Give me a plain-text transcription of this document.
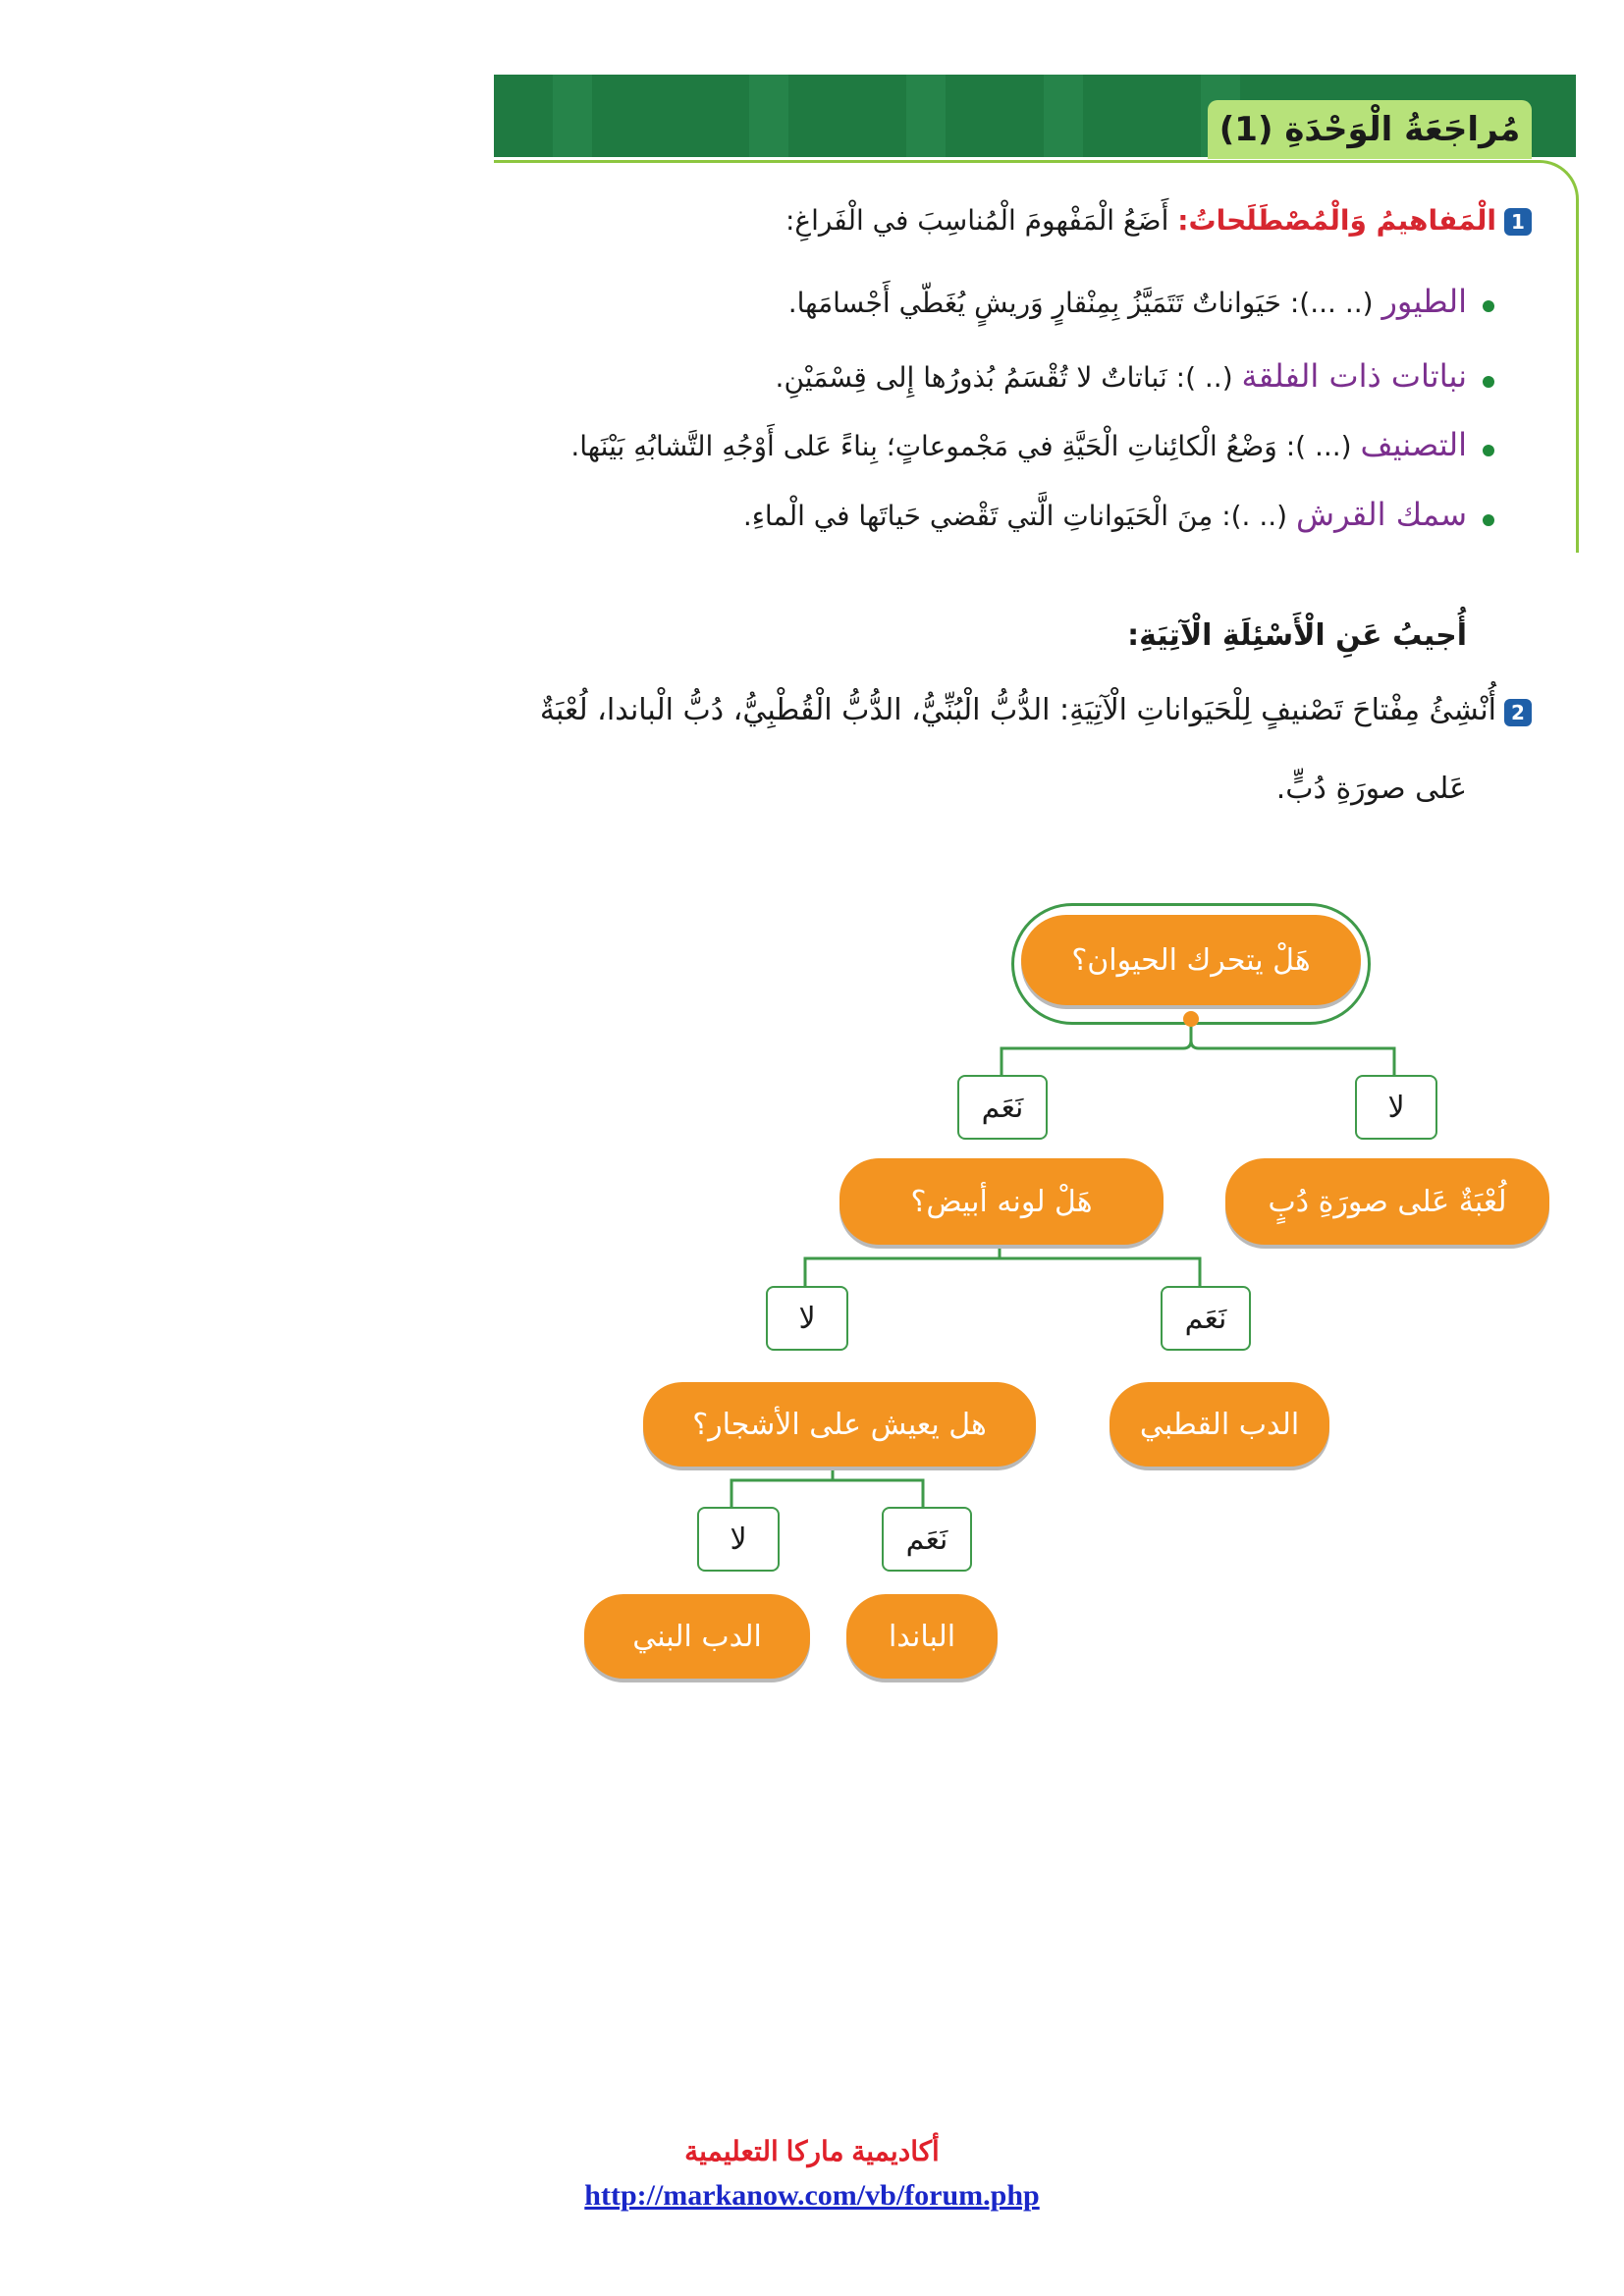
مُراجَعَةُ الْوَحْدَةِ (1)
1
الْمَفاهيمُ وَالْمُصْطَلَحاتُ: أَضَعُ الْمَفْهومَ الْمُناسِبَ في الْفَراغِ:
الطيور (.. ...): حَيَواناتٌ تَتَمَيَّزُ بِمِنْقارٍ وَريشٍ يُغَطّي أَجْسامَها.
نباتات ذات الفلقة (.. ): نَباتاتٌ لا تُقْسَمُ بُذورُها إِلى قِسْمَيْنِ.
التصنيف (... ): وَضْعُ الْكائِناتِ الْحَيَّةِ في مَجْموعاتٍ؛ بِناءً عَلى أَوْجُهِ التَّشابُهِ بَيْنَها.
سمك القرش (.. .): مِنَ الْحَيَواناتِ الَّتي تَقْضي حَياتَها في الْماءِ.
أُجيبُ عَنِ الْأَسْئِلَةِ الْآتِيَةِ:
2
أُنْشِئُ مِفْتاحَ تَصْنيفٍ لِلْحَيَواناتِ الْآتِيَةِ: الدُّبُّ الْبُنِّيُّ، الدُّبُّ الْقُطْبِيُّ، دُبُّ الْباندا، لُعْبَةٌ
عَلى صورَةِ دُبٍّ.
هَلْ يتحرك الحيوان؟
نَعَم	لا
هَلْ لونه أبيض؟	لُعْبَةٌ عَلى صورَةِ دُبٍ
لا	نَعَم
هل يعيش على الأشجار؟	الدب القطبي
لا	نَعَم
الدب البني	الباندا
أكاديمية ماركا التعليمية
http://markanow.com/vb/forum.php
